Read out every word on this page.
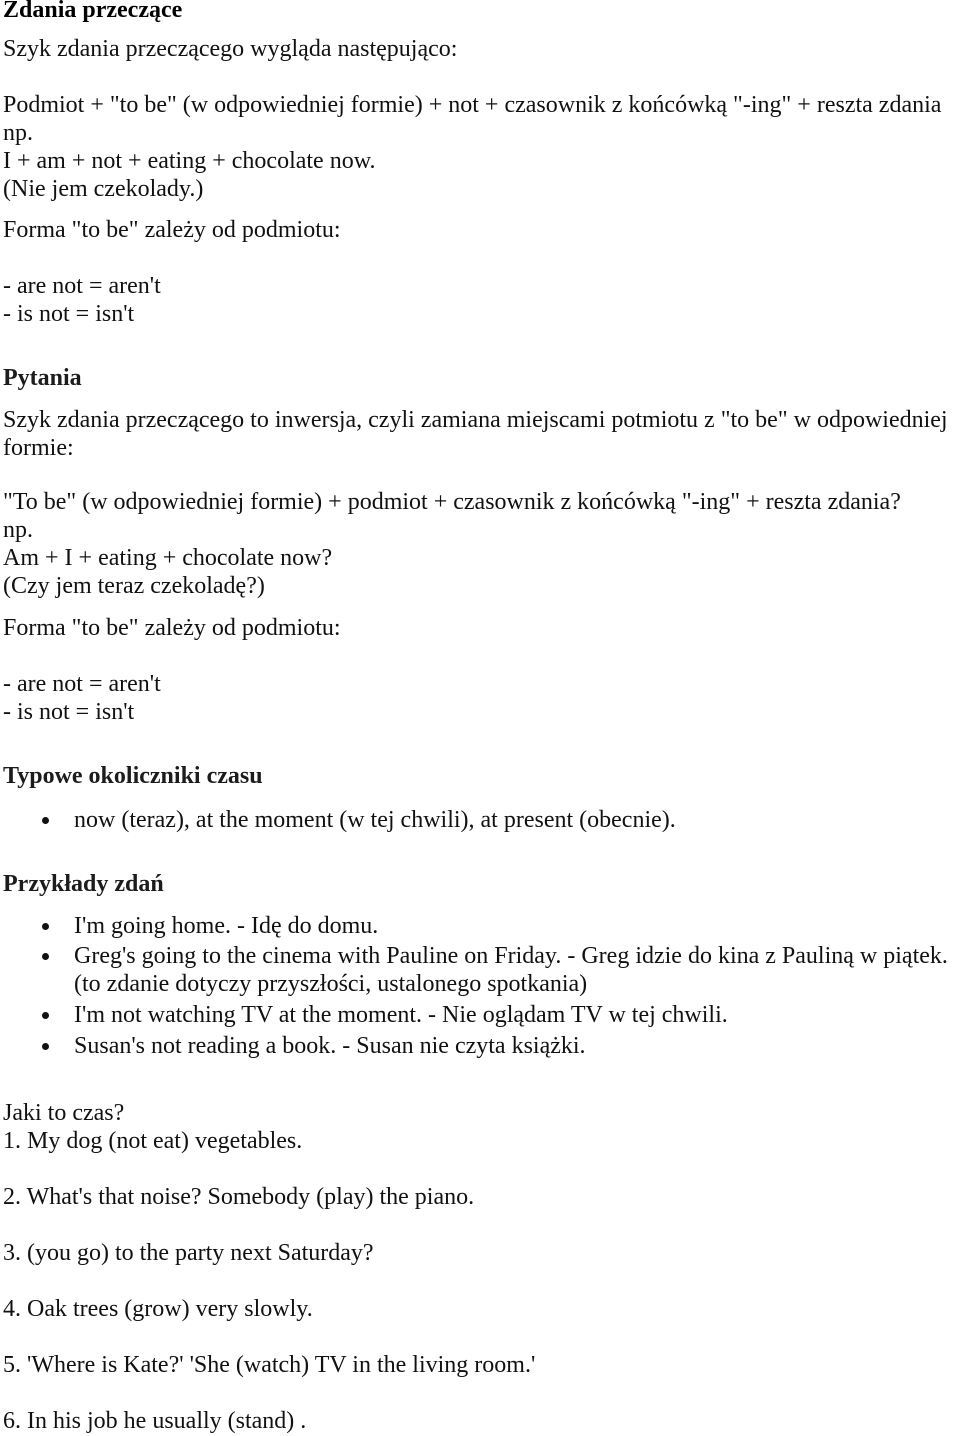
Zdania przeczące
Szyk zdania przeczącego wygląda następująco:
Podmiot + "to be" (w odpowiedniej formie) + not + czasownik z końcówką "-ing" + reszta zdania
np.
I + am + not + eating + chocolate now.
(Nie jem czekolady.)
Forma "to be" zależy od podmiotu:
- are not = aren't
- is not = isn't
Pytania
Szyk zdania przeczącego to inwersja, czyli zamiana miejscami potmiotu z "to be" w odpowiedniej
formie:
"To be" (w odpowiedniej formie) + podmiot + czasownik z końcówką "-ing" + reszta zdania?
np.
Am + I + eating + chocolate now?
(Czy jem teraz czekoladę?)
Forma "to be" zależy od podmiotu:
- are not = aren't
- is not = isn't
Typowe okoliczniki czasu
now (teraz), at the moment (w tej chwili), at present (obecnie).
Przykłady zdań
I'm going home. - Idę do domu.
Greg's going to the cinema with Pauline on Friday. - Greg idzie do kina z Pauliną w piątek.
(to zdanie dotyczy przyszłości, ustalonego spotkania)
I'm not watching TV at the moment. - Nie oglądam TV w tej chwili.
Susan's not reading a book. - Susan nie czyta książki.
Jaki to czas?
1. My dog (not eat) vegetables.
2. What's that noise? Somebody (play) the piano.
3. (you go) to the party next Saturday?
4. Oak trees (grow) very slowly.
5. 'Where is Kate?' 'She (watch) TV in the living room.'
6. In his job he usually (stand) .
